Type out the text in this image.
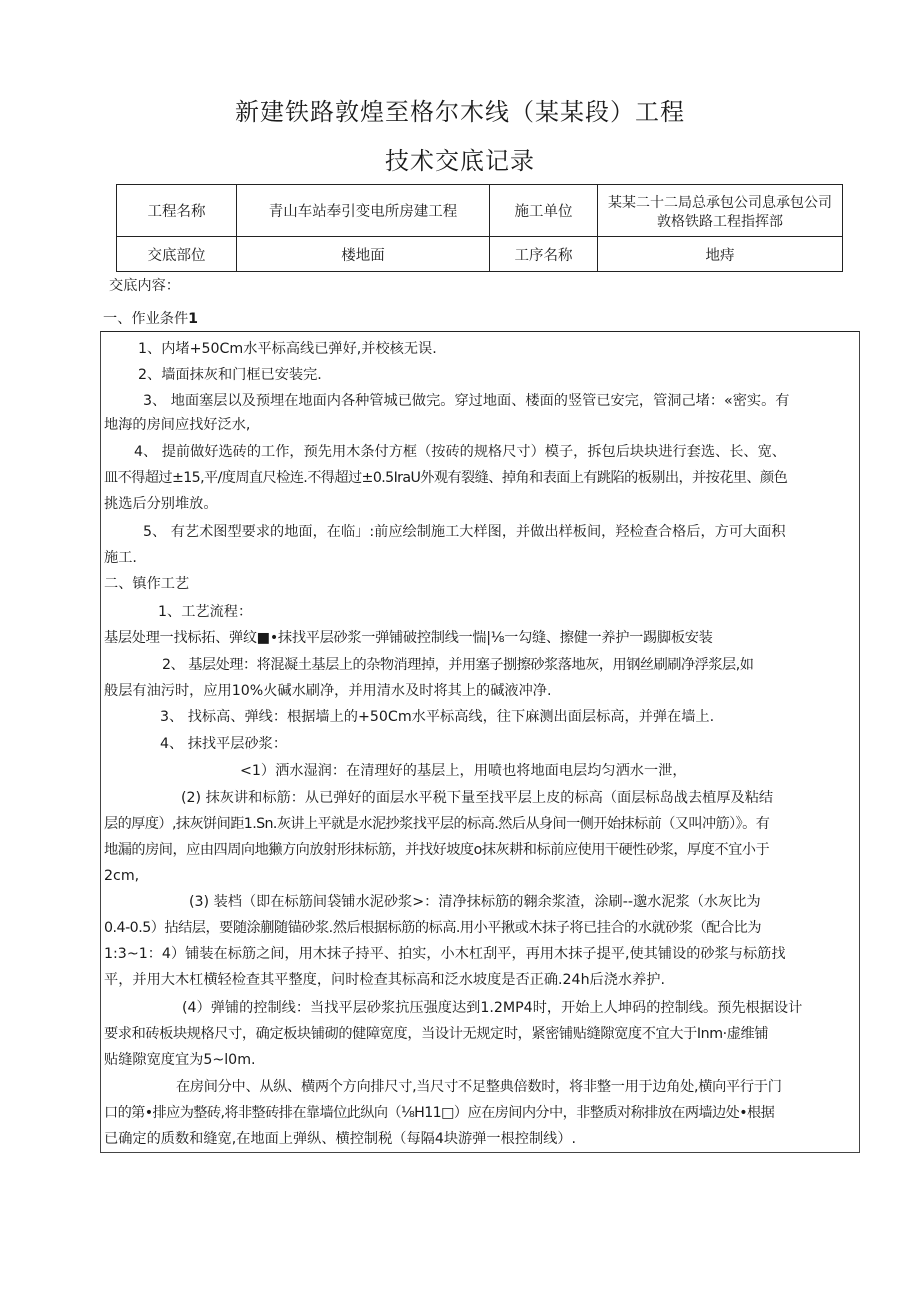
新建铁路敦煌至格尔木线（某某段）工程
技术交底记录
工程名称	青山车站奉引变电所房建工程	施工单位	某某二十二局总承包公司息承包公司
敦格铁路工程指挥部

交底部位	楼地面	工序名称	地痔
交底内容：
一、作业条件1
1、内堵+50Cm水平标高线已弹好,并校核无误.
2、墙面抹灰和门框已安装完.
3、 地面塞层以及预埋在地面内各种管城已做完。穿过地面、楼面的竖管已安完，管洞己堵：«密实。有
地海的房间应找好泛水,
4、 提前做好选砖的工作，预先用木条付方框（按砖的规格尺寸）模子，拆包后块块进行套选、长、宽、
皿不得超过±15,平/度周直尺检连.不得超过±0.5ⅠraU外观有裂缝、掉角和表面上有跳陷的板剔出，并按花里、颜色
挑选后分别堆放。
5、 有艺术图型要求的地面，在临」:前应绘制施工大样图，并做出样板间，羟检查合格后，方可大面积
施工.
二、镇作工艺
1、工艺流程：
基层处理一找标拓、弹纹■•抹找平层砂浆一弹铺破控制线一惴|⅛一勾缝、擦健一养护一踢脚板安装
2、 基层处理：将混凝土基层上的杂物消理掉，并用塞子捌擦砂浆落地灰，用钢丝刷刷净浮浆层,如
般层有油污时，应用10%火碱水刷净，并用清水及时将其上的碱液冲净.
3、 找标高、弹线：根据墙上的+50Cm水平标高线，往下麻测出面层标高，并弹在墙上.
4、 抹找平层砂浆：
<1）洒水湿润：在清理好的基层上，用喷也将地面电层均匀洒水一泄，
(2) 抹灰讲和标筋：从已弹好的面层水平税下量至找平层上皮的标高（面层标岛战去植厚及粘结
层的厚度）,抹灰饼间距1.Sn.灰讲上平就是水泥抄浆找平层的标高.然后从身间一侧开始抹标前（又叫冲筋）》。有
地漏的房间，应由四周向地獭方向放射形抹标筋，并找好坡度o抹灰耕和标前应使用干硬性砂浆，厚度不宜小于
2cm,
(3) 装档（即在标筋间袋铺水泥砂浆>：清净抹标筋的翱余浆渣，涂刷--邈水泥浆（水灰比为
0.4-0.5）拈结层，要随涂蒯随锚砂浆.然后根据标筋的标高.用小平揪或木抹子将已挂合的水就砂浆（配合比为
1:3~1：4）铺装在标筋之间，用木抹子持平、拍实，小木杠刮平，再用木抹子提平,使其铺设的砂浆与标筋找
平，并用大木杠横轻检查其平整度，问时检查其标高和泛水坡度是否正确.24h后浇水养护.
(4）弹铺的控制线：当找平层砂浆抗压强度达到1.2MP4时，开始上人坤码的控制线。预先根据设计
要求和砖板块规格尺寸，确定板块铺砌的健障宽度，当设计无规定时，紧密铺贴缝隙宽度不宜大于Inm·虚维铺
贴缝隙宽度宜为5~l0m.
在房间分中、从纵、横两个方向排尺寸,当尺寸不足整典倍数时，将非整一用于边角处,横向平行于门
口的第•排应为整砖,将非整砖排在靠墙位此纵向（⅛H11□）应在房间内分中，非整质对称排放在两墙边处•根据
已确定的质数和缝宽,在地面上弹纵、横控制税（每隔4块游弹一根控制线）.
